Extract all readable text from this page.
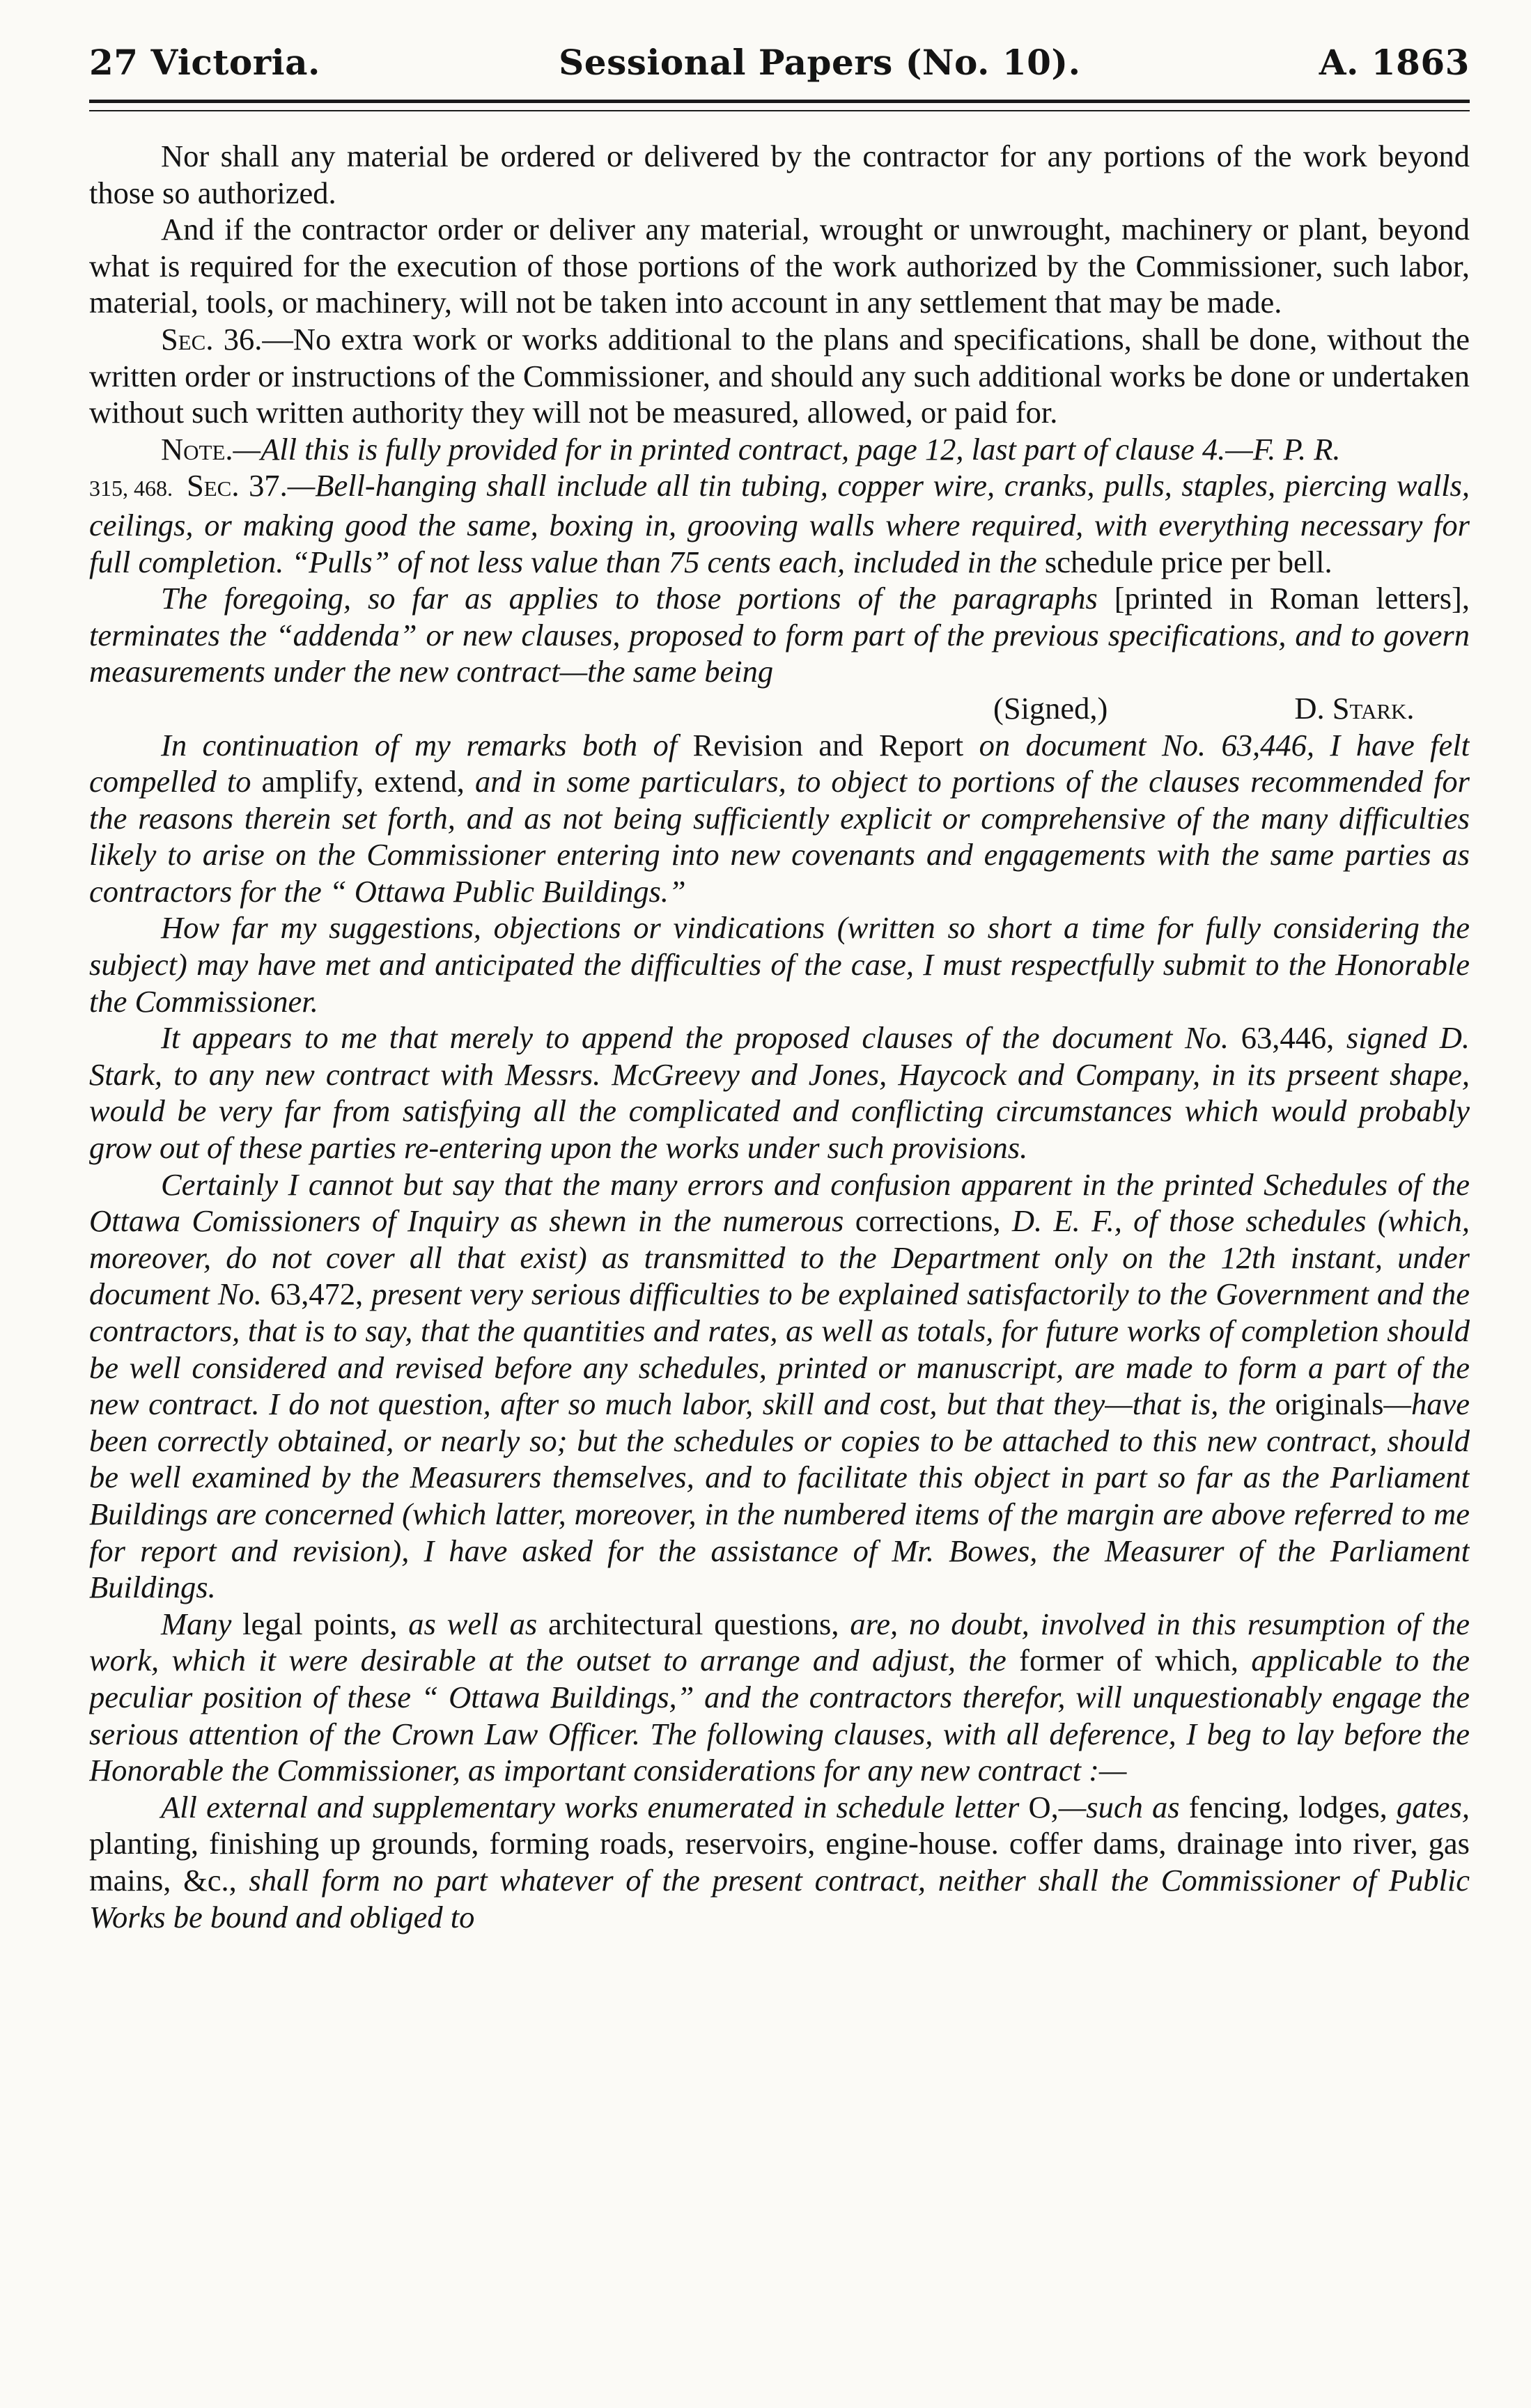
27 Victoria.	Sessional Papers (No. 10).	A. 1863

Nor shall any material be ordered or delivered by the contractor for any portions of the work beyond those so authorized.

And if the contractor order or deliver any material, wrought or unwrought, machinery or plant, beyond what is required for the execution of those portions of the work authorized by the Commissioner, such labor, material, tools, or machinery, will not be taken into account in any settlement that may be made.

Sec. 36.—No extra work or works additional to the plans and specifications, shall be done, without the written order or instructions of the Commissioner, and should any such additional works be done or undertaken without such written authority they will not be measured, allowed, or paid for.

Note.—All this is fully provided for in printed contract, page 12, last part of clause 4.—F. P. R.

315, 468. Sec. 37.—Bell-hanging shall include all tin tubing, copper wire, cranks, pulls, staples, piercing walls, ceilings, or making good the same, boxing in, grooving walls where required, with everything necessary for full completion. “Pulls” of not less value than 75 cents each, included in the schedule price per bell.

The foregoing, so far as applies to those portions of the paragraphs [printed in Roman letters], terminates the “addenda” or new clauses, proposed to form part of the previous specifications, and to govern measurements under the new contract—the same being

(Signed,)	D. Stark.

In continuation of my remarks both of Revision and Report on document No. 63,446, I have felt compelled to amplify, extend, and in some particulars, to object to portions of the clauses recommended for the reasons therein set forth, and as not being sufficiently explicit or comprehensive of the many difficulties likely to arise on the Commissioner entering into new covenants and engagements with the same parties as contractors for the “ Ottawa Public Buildings.”

How far my suggestions, objections or vindications (written so short a time for fully considering the subject) may have met and anticipated the difficulties of the case, I must respectfully submit to the Honorable the Commissioner.

It appears to me that merely to append the proposed clauses of the document No. 63,446, signed D. Stark, to any new contract with Messrs. McGreevy and Jones, Haycock and Company, in its prseent shape, would be very far from satisfying all the complicated and conflicting circumstances which would probably grow out of these parties re-entering upon the works under such provisions.

Certainly I cannot but say that the many errors and confusion apparent in the printed Schedules of the Ottawa Comissioners of Inquiry as shewn in the numerous corrections, D. E. F., of those schedules (which, moreover, do not cover all that exist) as transmitted to the Department only on the 12th instant, under document No. 63,472, present very serious difficulties to be explained satisfactorily to the Government and the contractors, that is to say, that the quantities and rates, as well as totals, for future works of completion should be well considered and revised before any schedules, printed or manuscript, are made to form a part of the new contract. I do not question, after so much labor, skill and cost, but that they—that is, the originals—have been correctly obtained, or nearly so; but the schedules or copies to be attached to this new contract, should be well examined by the Measurers themselves, and to facilitate this object in part so far as the Parliament Buildings are concerned (which latter, moreover, in the numbered items of the margin are above referred to me for report and revision), I have asked for the assistance of Mr. Bowes, the Measurer of the Parliament Buildings.

Many legal points, as well as architectural questions, are, no doubt, involved in this resumption of the work, which it were desirable at the outset to arrange and adjust, the former of which, applicable to the peculiar position of these “ Ottawa Buildings,” and the contractors therefor, will unquestionably engage the serious attention of the Crown Law Officer. The following clauses, with all deference, I beg to lay before the Honorable the Commissioner, as important considerations for any new contract :—

All external and supplementary works enumerated in schedule letter O,—such as fencing, lodges, gates, planting, finishing up grounds, forming roads, reservoirs, engine-house. coffer dams, drainage into river, gas mains, &c., shall form no part whatever of the present contract, neither shall the Commissioner of Public Works be bound and obliged to
